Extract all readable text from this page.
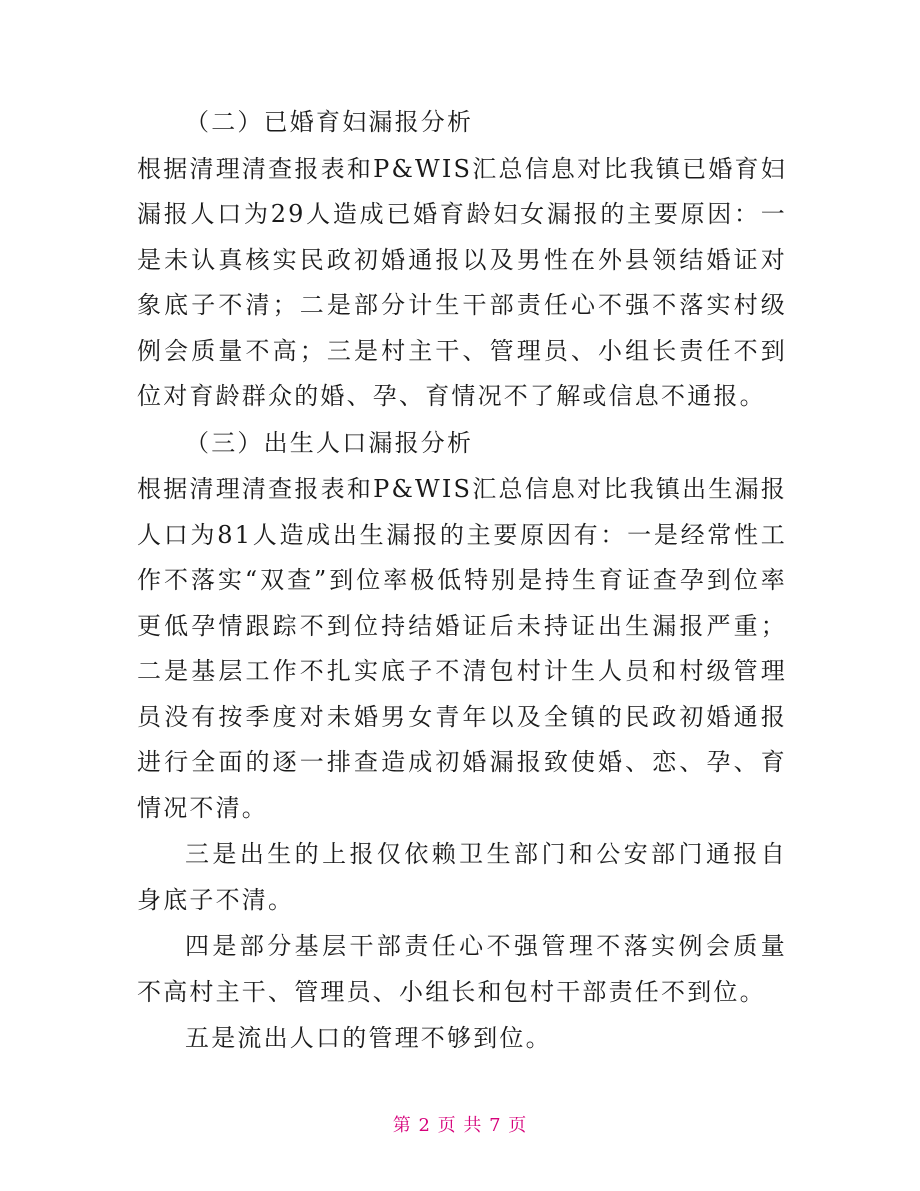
（二）已婚育妇漏报分析

根据清理清查报表和P&WIS汇总信息对比我镇已婚育妇漏报人口为29人造成已婚育龄妇女漏报的主要原因：一是未认真核实民政初婚通报以及男性在外县领结婚证对象底子不清；二是部分计生干部责任心不强不落实村级例会质量不高；三是村主干、管理员、小组长责任不到位对育龄群众的婚、孕、育情况不了解或信息不通报。

（三）出生人口漏报分析

根据清理清查报表和P&WIS汇总信息对比我镇出生漏报人口为81人造成出生漏报的主要原因有：一是经常性工作不落实“双查”到位率极低特别是持生育证查孕到位率更低孕情跟踪不到位持结婚证后未持证出生漏报严重；二是基层工作不扎实底子不清包村计生人员和村级管理员没有按季度对未婚男女青年以及全镇的民政初婚通报进行全面的逐一排查造成初婚漏报致使婚、恋、孕、育情况不清。

三是出生的上报仅依赖卫生部门和公安部门通报自身底子不清。

四是部分基层干部责任心不强管理不落实例会质量不高村主干、管理员、小组长和包村干部责任不到位。

五是流出人口的管理不够到位。

第 2 页 共 7 页
